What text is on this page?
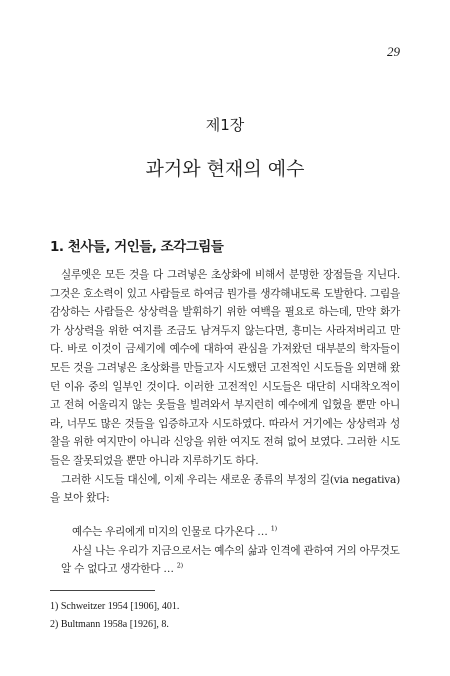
29
제1장
과거와 현재의 예수
1. 천사들, 거인들, 조각그림들

실루엣은 모든 것을 다 그려넣은 초상화에 비해서 분명한 장점들을 지닌다. 그것은 호소력이 있고 사람들로 하여금 뭔가를 생각해내도록 도발한다. 그림을 감상하는 사람들은 상상력을 발휘하기 위한 여백을 필요로 하는데, 만약 화가가 상상력을 위한 여지를 조금도 남겨두지 않는다면, 흥미는 사라져버리고 만다. 바로 이것이 금세기에 예수에 대하여 관심을 가져왔던 대부분의 학자들이 모든 것을 그려넣은 초상화를 만들고자 시도했던 고전적인 시도들을 외면해 왔던 이유 중의 일부인 것이다. 이러한 고전적인 시도들은 대단히 시대착오적이고 전혀 어울리지 않는 옷들을 빌려와서 부지런히 예수에게 입혔을 뿐만 아니라, 너무도 많은 것들을 입증하고자 시도하였다. 따라서 거기에는 상상력과 성찰을 위한 여지만이 아니라 신앙을 위한 여지도 전혀 없어 보였다. 그러한 시도들은 잘못되었을 뿐만 아니라 지루하기도 하다.

그러한 시도들 대신에, 이제 우리는 새로운 종류의 부정의 길(via negativa)을 보아 왔다:

예수는 우리에게 미지의 인물로 다가온다 … $^{1)}$

사실 나는 우리가 지금으로서는 예수의 삶과 인격에 관하여 거의 아무것도 알 수 없다고 생각한다 … $^{2)}$

1) Schweitzer 1954 [1906], 401.

2) Bultmann 1958a [1926], 8.
